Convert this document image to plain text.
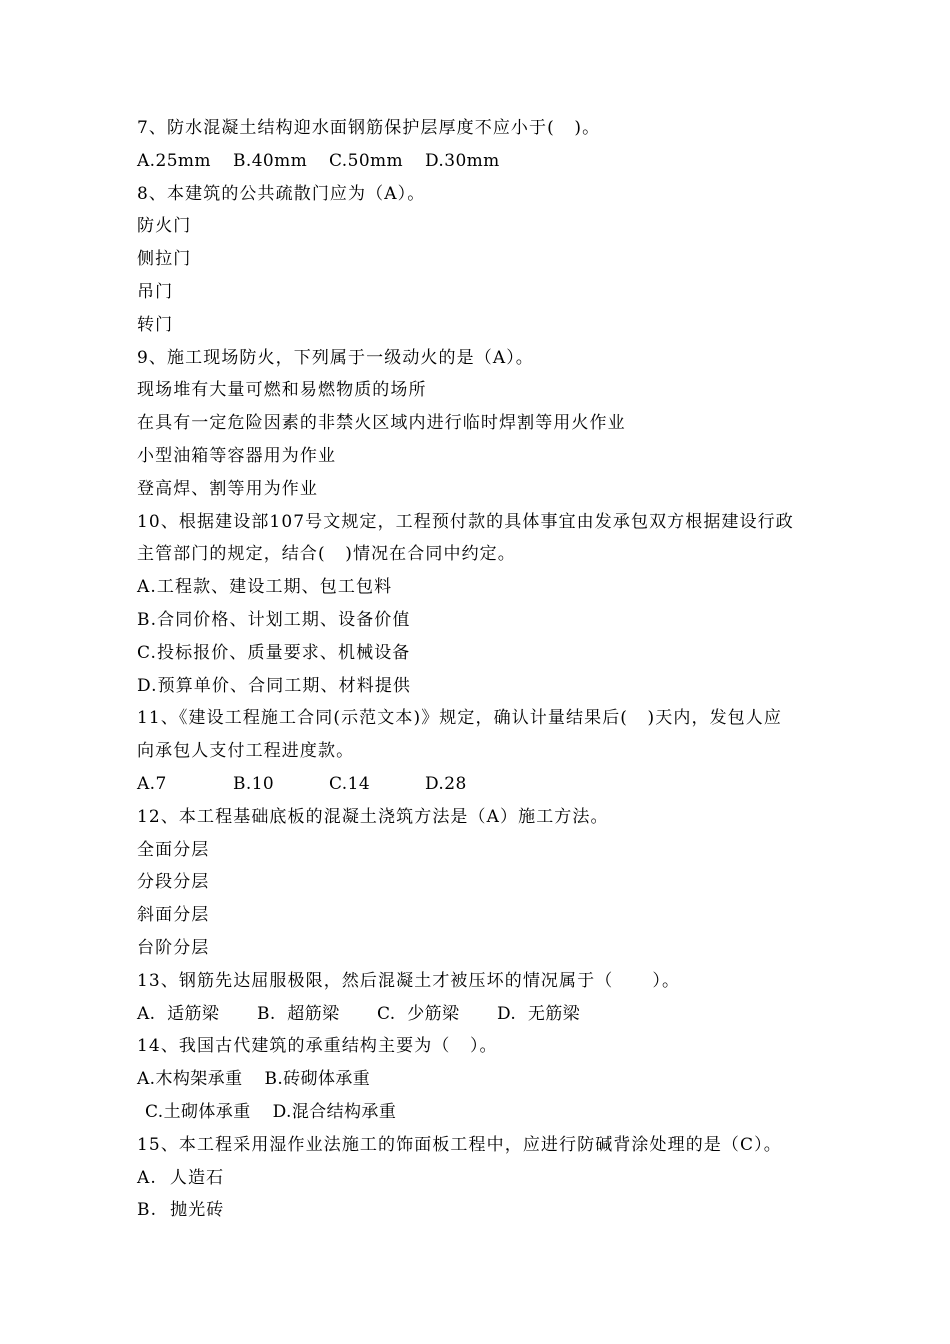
7、防水混凝土结构迎水面钢筋保护层厚度不应小于(   )。
A.25mm	B.40mm	C.50mm	D.30mm
8、本建筑的公共疏散门应为（A）。
防火门
侧拉门
吊门
转门
9、施工现场防火，下列属于一级动火的是（A）。
现场堆有大量可燃和易燃物质的场所
在具有一定危险因素的非禁火区域内进行临时焊割等用火作业
小型油箱等容器用为作业
登高焊、割等用为作业
10、根据建设部107号文规定，工程预付款的具体事宜由发承包双方根据建设行政
主管部门的规定，结合(   )情况在合同中约定。
A.工程款、建设工期、包工包料
B.合同价格、计划工期、设备价值
C.投标报价、质量要求、机械设备
D.预算单价、合同工期、材料提供
11、《建设工程施工合同(示范文本)》规定，确认计量结果后(   )天内，发包人应
向承包人支付工程进度款。
A.7	B.10	C.14	D.28
12、本工程基础底板的混凝土浇筑方法是（A）施工方法。
全面分层
分段分层
斜面分层
台阶分层
13、钢筋先达屈服极限，然后混凝土才被压坏的情况属于（      ）。
A.  适筋梁	B.  超筋梁	C.  少筋梁	D.  无筋梁
14、我国古代建筑的承重结构主要为（   ）。
A.木构架承重 B.砖砌体承重
C.土砌体承重 D.混合结构承重
15、本工程采用湿作业法施工的饰面板工程中，应进行防碱背涂处理的是（C）。
A.  人造石
B.  抛光砖
